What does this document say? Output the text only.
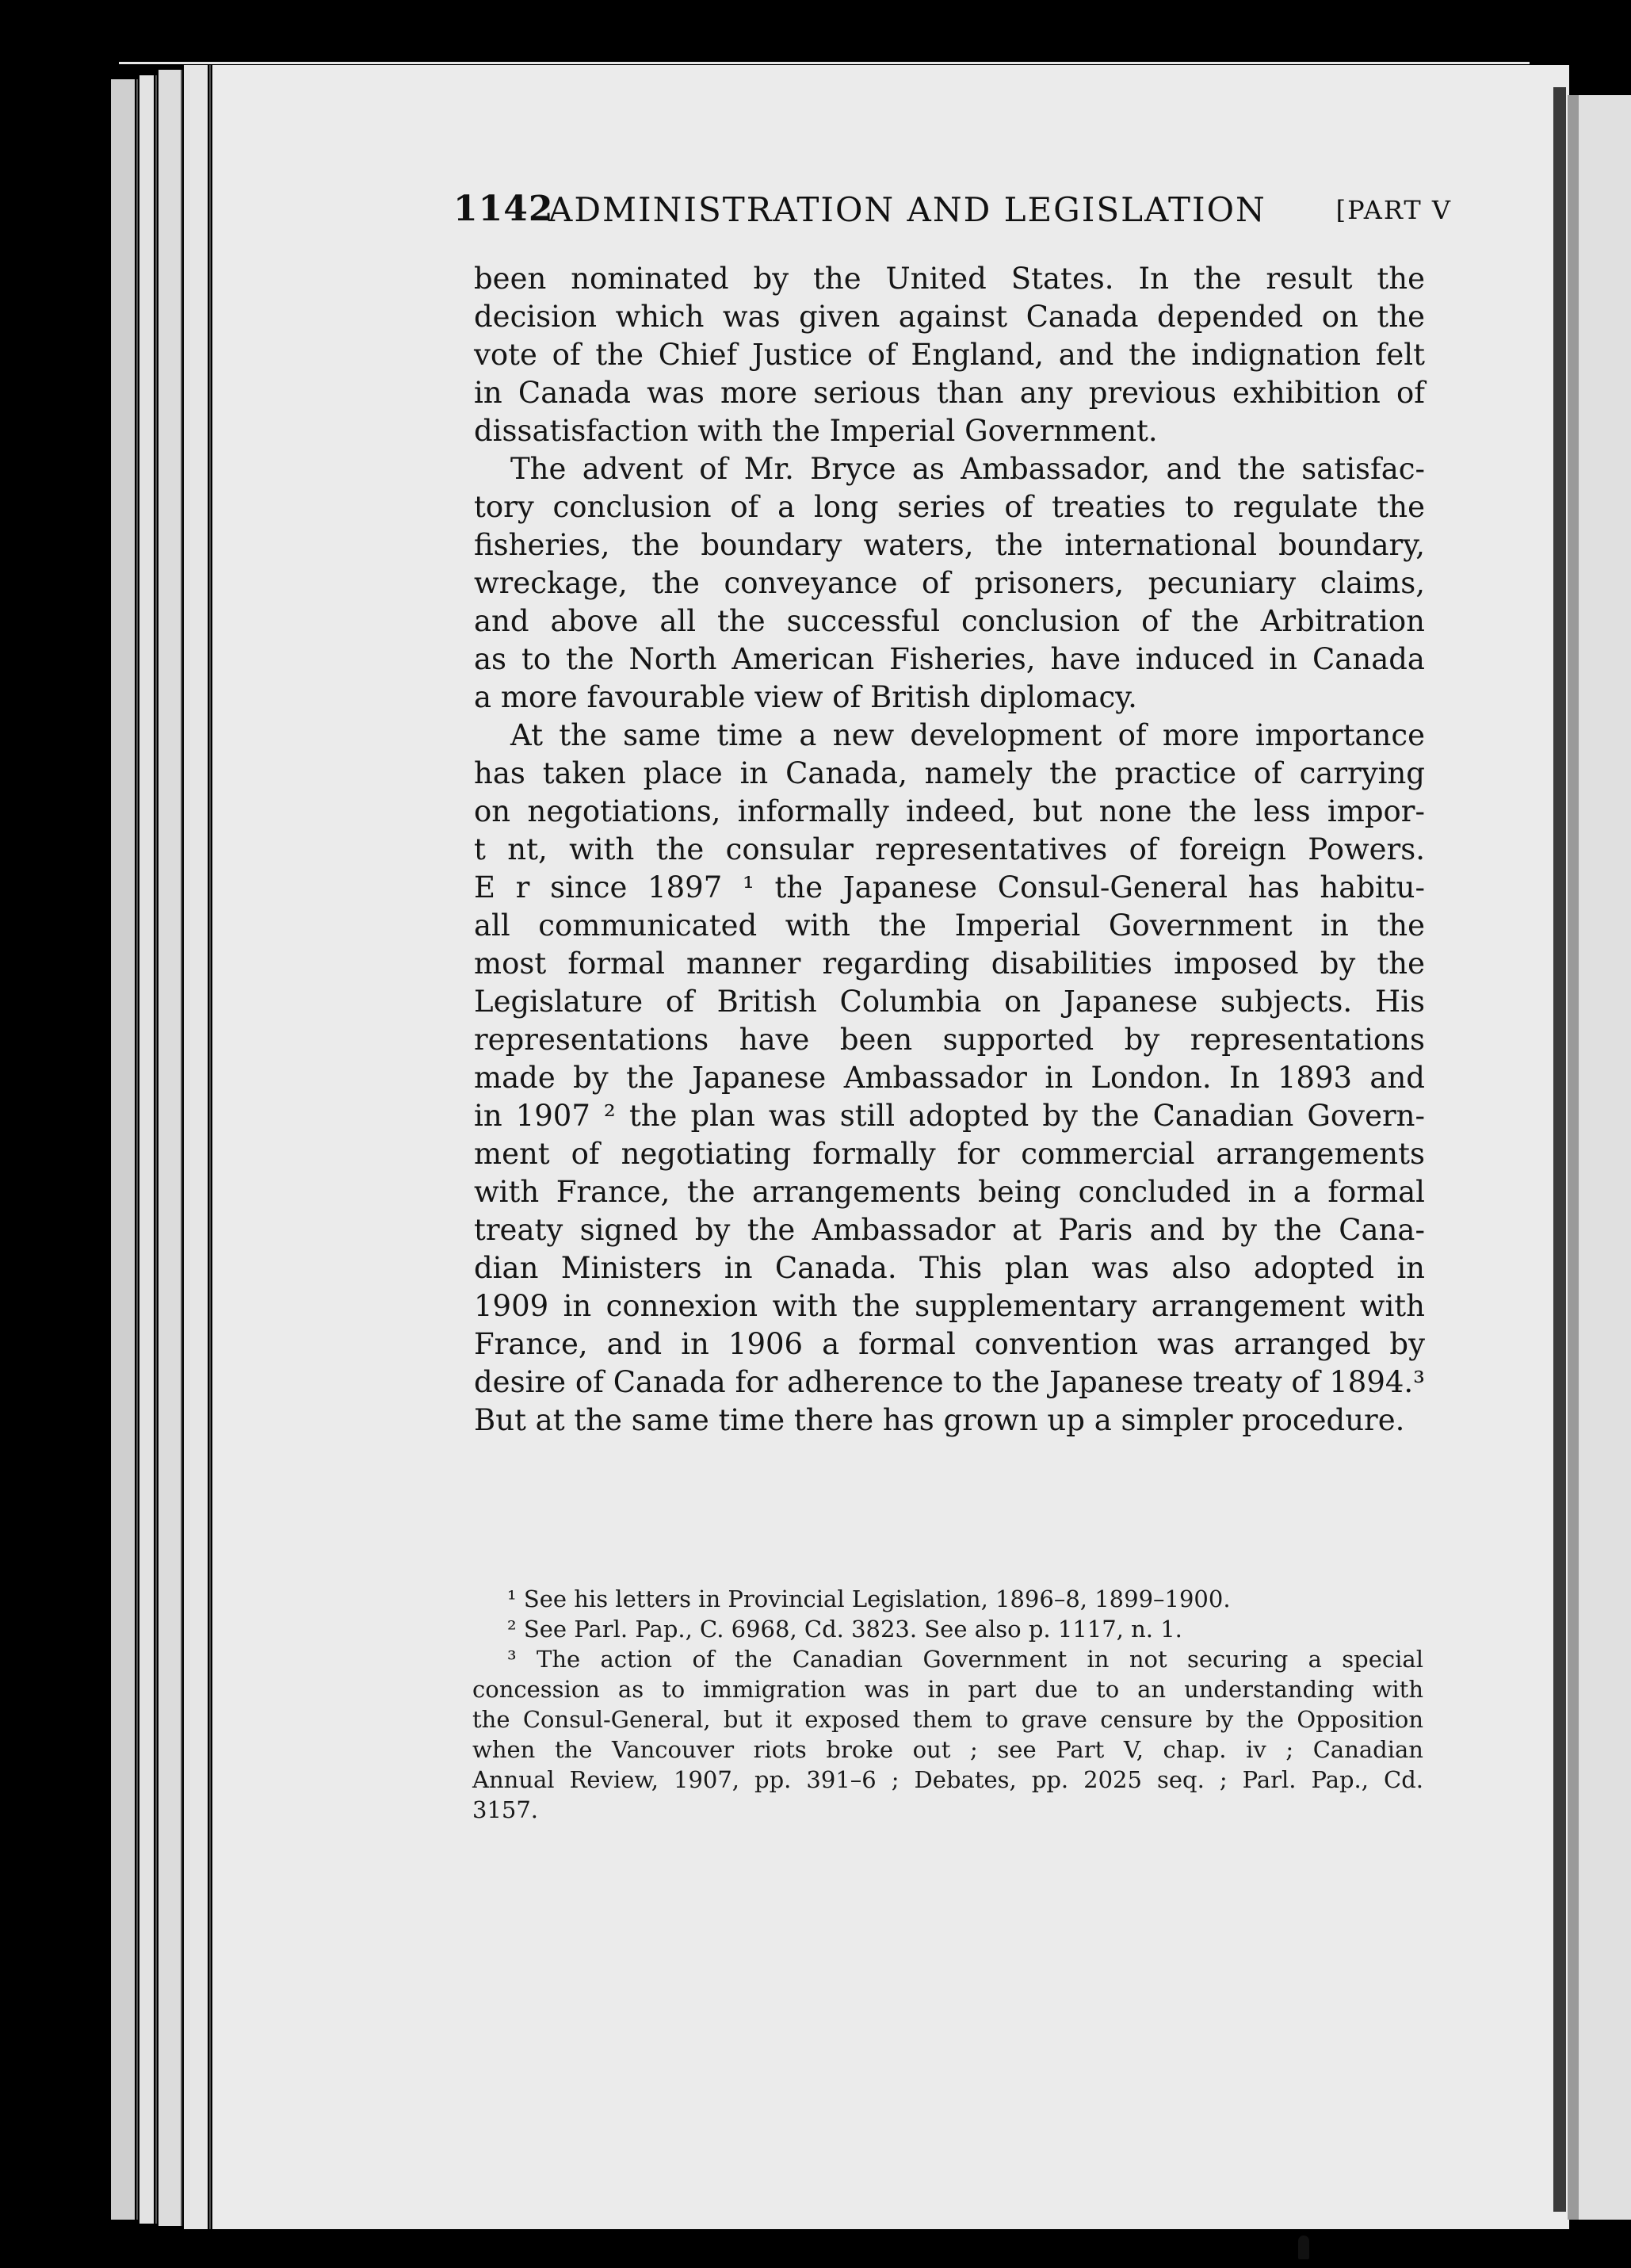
1142
ADMINISTRATION AND LEGISLATION	[PART V
been nominated by the United States. In the result the
decision which was given against Canada depended on the
vote of the Chief Justice of England, and the indignation felt
in Canada was more serious than any previous exhibition of
dissatisfaction with the Imperial Government.
The advent of Mr. Bryce as Ambassador, and the satisfac-
tory conclusion of a long series of treaties to regulate the
fisheries, the boundary waters, the international boundary,
wreckage, the conveyance of prisoners, pecuniary claims,
and above all the successful conclusion of the Arbitration
as to the North American Fisheries, have induced in Canada
a more favourable view of British diplomacy.
At the same time a new development of more importance
has taken place in Canada, namely the practice of carrying
on negotiations, informally indeed, but none the less impor-
t nt, with the consular representatives of foreign Powers.
E r since 1897 ¹ the Japanese Consul-General has habitu-
all communicated with the Imperial Government in the
most formal manner regarding disabilities imposed by the
Legislature of British Columbia on Japanese subjects. His
representations have been supported by representations
made by the Japanese Ambassador in London. In 1893 and
in 1907 ² the plan was still adopted by the Canadian Govern-
ment of negotiating formally for commercial arrangements
with France, the arrangements being concluded in a formal
treaty signed by the Ambassador at Paris and by the Cana-
dian Ministers in Canada. This plan was also adopted in
1909 in connexion with the supplementary arrangement with
France, and in 1906 a formal convention was arranged by
desire of Canada for adherence to the Japanese treaty of 1894.³
But at the same time there has grown up a simpler procedure.
¹ See his letters in Provincial Legislation, 1896–8, 1899–1900.
² See Parl. Pap., C. 6968, Cd. 3823. See also p. 1117, n. 1.
³ The action of the Canadian Government in not securing a special
concession as to immigration was in part due to an understanding with
the Consul-General, but it exposed them to grave censure by the Opposition
when the Vancouver riots broke out ; see Part V, chap. iv ; Canadian
Annual Review, 1907, pp. 391–6 ; Debates, pp. 2025 seq. ; Parl. Pap., Cd.
3157.
